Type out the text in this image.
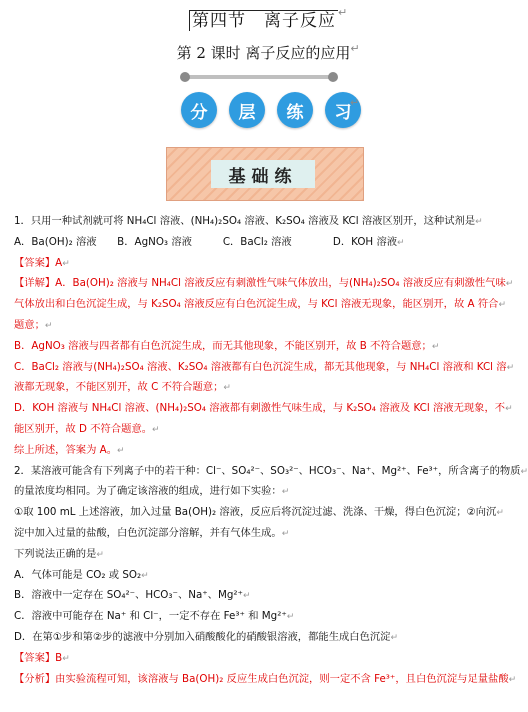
第四节　离子反应 ↵
第 2 课时 离子反应的应用 ↵
分	层	练	习
↵
基础练
1．只用一种试剂就可将 NH₄Cl 溶液、(NH₄)₂SO₄ 溶液、K₂SO₄ 溶液及 KCl 溶液区别开，这种试剂是↵
A．Ba(OH)₂ 溶液　　B．AgNO₃ 溶液　　　C．BaCl₂ 溶液　　　　D．KOH 溶液↵
【答案】A↵
【详解】A．Ba(OH)₂ 溶液与 NH₄Cl 溶液反应有刺激性气味气体放出，与(NH₄)₂SO₄ 溶液反应有刺激性气味↵
气体放出和白色沉淀生成，与 K₂SO₄ 溶液反应有白色沉淀生成，与 KCl 溶液无现象，能区别开，故 A 符合↵
题意；↵
B．AgNO₃ 溶液与四者都有白色沉淀生成，而无其他现象，不能区别开，故 B 不符合题意；↵
C．BaCl₂ 溶液与(NH₄)₂SO₄ 溶液、K₂SO₄ 溶液都有白色沉淀生成，都无其他现象，与 NH₄Cl 溶液和 KCl 溶↵
液都无现象，不能区别开，故 C 不符合题意；↵
D．KOH 溶液与 NH₄Cl 溶液、(NH₄)₂SO₄ 溶液都有刺激性气味生成，与 K₂SO₄ 溶液及 KCl 溶液无现象，不↵
能区别开，故 D 不符合题意。↵
综上所述，答案为 A。↵
2．某溶液可能含有下列离子中的若干种：Cl⁻、SO₄²⁻、SO₃²⁻、HCO₃⁻、Na⁺、Mg²⁺、Fe³⁺，所含离子的物质↵
的量浓度均相同。为了确定该溶液的组成，进行如下实验：↵
①取 100 mL 上述溶液，加入过量 Ba(OH)₂ 溶液，反应后将沉淀过滤、洗涤、干燥，得白色沉淀；②向沉↵
淀中加入过量的盐酸，白色沉淀部分溶解，并有气体生成。↵
下列说法正确的是↵
A．气体可能是 CO₂ 或 SO₂↵
B．溶液中一定存在 SO₄²⁻、HCO₃⁻、Na⁺、Mg²⁺↵
C．溶液中可能存在 Na⁺ 和 Cl⁻，一定不存在 Fe³⁺ 和 Mg²⁺↵
D．在第①步和第②步的滤液中分别加入硝酸酸化的硝酸银溶液，都能生成白色沉淀↵
【答案】B↵
【分析】由实验流程可知，该溶液与 Ba(OH)₂ 反应生成白色沉淀，则一定不含 Fe³⁺，且白色沉淀与足量盐酸↵
